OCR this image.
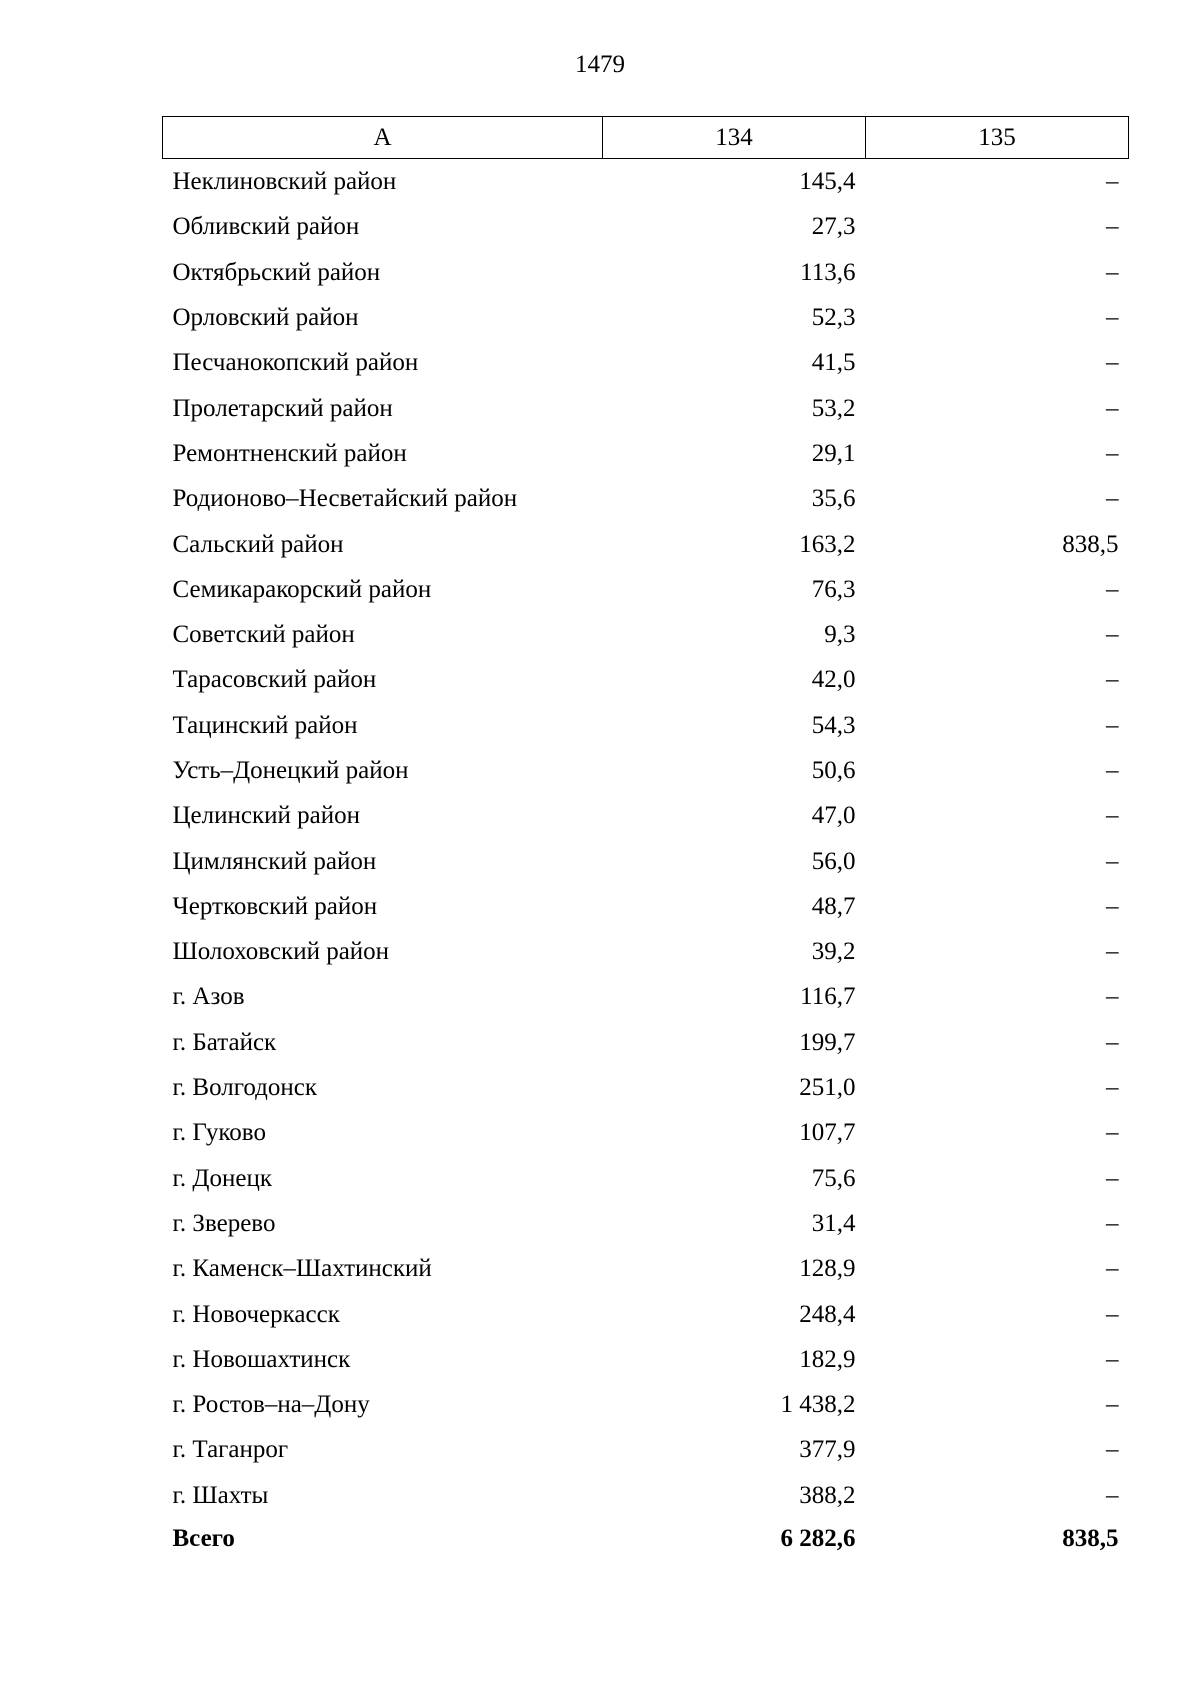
1479
А	134	135
Неклиновский район	145,4	–
Обливский район	27,3	–
Октябрьский район	113,6	–
Орловский район	52,3	–
Песчанокопский район	41,5	–
Пролетарский район	53,2	–
Ремонтненский район	29,1	–
Родионово–Несветайский район	35,6	–
Сальский район	163,2	838,5
Семикаракорский район	76,3	–
Советский район	9,3	–
Тарасовский район	42,0	–
Тацинский район	54,3	–
Усть–Донецкий район	50,6	–
Целинский район	47,0	–
Цимлянский район	56,0	–
Чертковский район	48,7	–
Шолоховский район	39,2	–
г. Азов	116,7	–
г. Батайск	199,7	–
г. Волгодонск	251,0	–
г. Гуково	107,7	–
г. Донецк	75,6	–
г. Зверево	31,4	–
г. Каменск–Шахтинский	128,9	–
г. Новочеркасск	248,4	–
г. Новошахтинск	182,9	–
г. Ростов–на–Дону	1 438,2	–
г. Таганрог	377,9	–
г. Шахты	388,2	–
Всего	6 282,6	838,5
